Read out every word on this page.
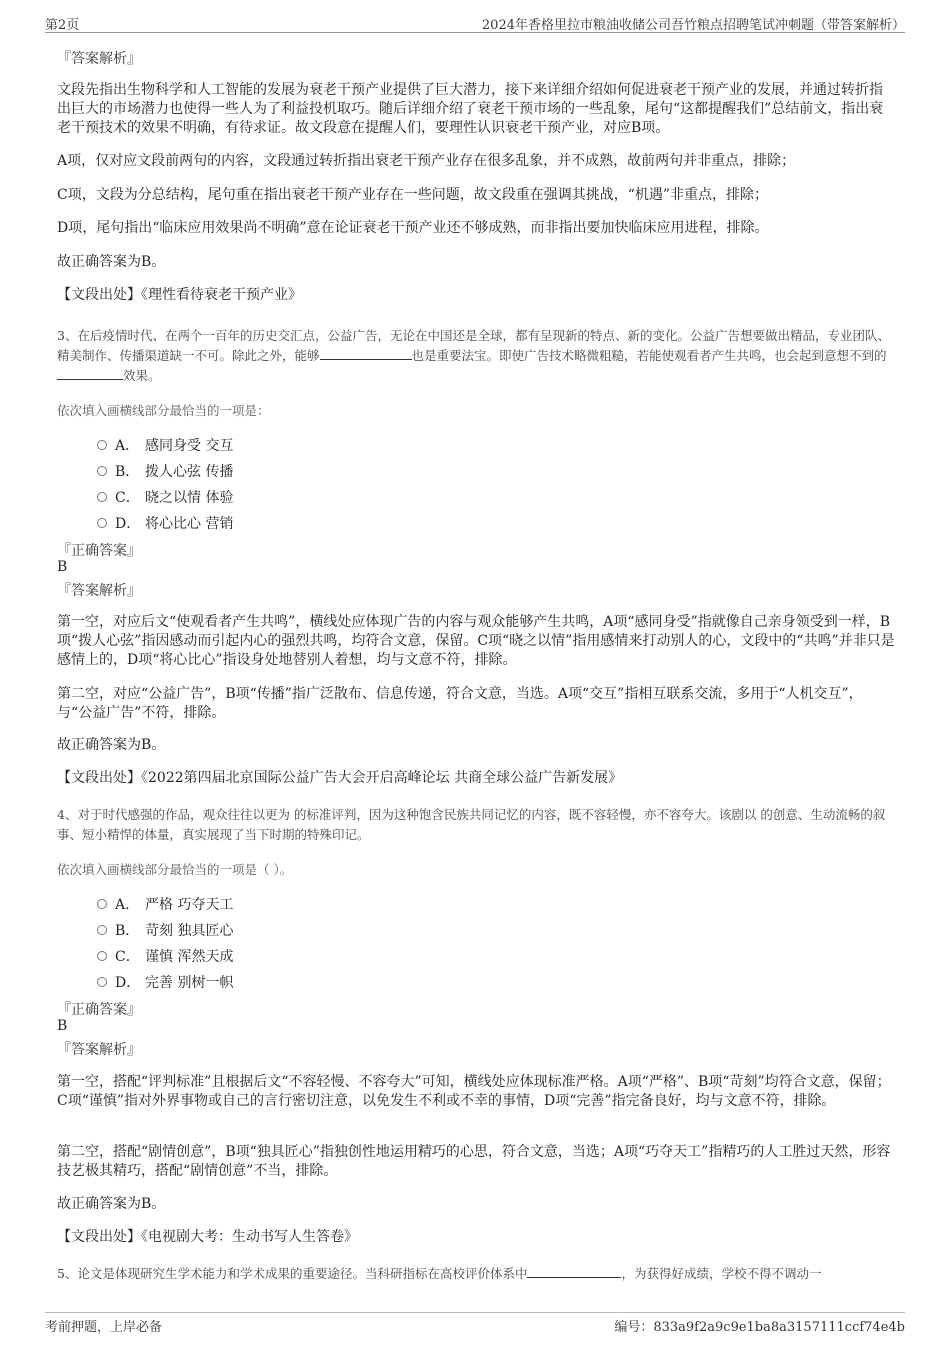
第2页	2024年香格里拉市粮油收储公司吾竹粮点招聘笔试冲刺题（带答案解析）
『答案解析』
文段先指出生物科学和人工智能的发展为衰老干预产业提供了巨大潜力，接下来详细介绍如何促进衰老干预产业的发展，并通过转折指出巨大的市场潜力也使得一些人为了利益投机取巧。随后详细介绍了衰老干预市场的一些乱象，尾句“这都提醒我们”总结前文，指出衰老干预技术的效果不明确，有待求证。故文段意在提醒人们，要理性认识衰老干预产业，对应B项。
A项，仅对应文段前两句的内容，文段通过转折指出衰老干预产业存在很多乱象，并不成熟，故前两句并非重点，排除；
C项，文段为分总结构，尾句重在指出衰老干预产业存在一些问题，故文段重在强调其挑战，“机遇”非重点，排除；
D项，尾句指出“临床应用效果尚不明确”意在论证衰老干预产业还不够成熟，而非指出要加快临床应用进程，排除。
故正确答案为B。
【文段出处】《理性看待衰老干预产业》
3、在后疫情时代、在两个一百年的历史交汇点，公益广告，无论在中国还是全球，都有呈现新的特点、新的变化。公益广告想要做出精品，专业团队、精美制作、传播渠道缺一不可。除此之外，能够	也是重要法宝。即使广告技术略微粗糙，若能使观看者产生共鸣，也会起到意想不到的效果。
依次填入画横线部分最恰当的一项是：
A． 感同身受 交互
B． 拨人心弦 传播
C． 晓之以情 体验
D． 将心比心 营销
『正确答案』
B
『答案解析』
第一空，对应后文“使观看者产生共鸣”，横线处应体现广告的内容与观众能够产生共鸣，A项“感同身受”指就像自己亲身领受到一样，B项“拨人心弦”指因感动而引起内心的强烈共鸣，均符合文意，保留。C项“晓之以情”指用感情来打动别人的心，文段中的“共鸣”并非只是感情上的，D项“将心比心”指设身处地替别人着想，均与文意不符，排除。
第二空，对应“公益广告”，B项“传播”指广泛散布、信息传递，符合文意，当选。A项“交互”指相互联系交流，多用于“人机交互”，与“公益广告”不符，排除。
故正确答案为B。
【文段出处】《2022第四届北京国际公益广告大会开启高峰论坛 共商全球公益广告新发展》
4、对于时代感强的作品，观众往往以更为 的标准评判，因为这种饱含民族共同记忆的内容，既不容轻慢，亦不容夸大。该剧以 的创意、生动流畅的叙事、短小精悍的体量，真实展现了当下时期的特殊印记。
依次填入画横线部分最恰当的一项是（ ）。
A． 严格 巧夺天工
B． 苛刻 独具匠心
C． 谨慎 浑然天成
D． 完善 别树一帜
『正确答案』
B
『答案解析』
第一空，搭配“评判标准”且根据后文“不容轻慢、不容夸大”可知，横线处应体现标准严格。A项“严格”、B项“苛刻”均符合文意，保留；C项“谨慎”指对外界事物或自己的言行密切注意，以免发生不利或不幸的事情，D项“完善”指完备良好，均与文意不符，排除。
第二空，搭配“剧情创意”，B项“独具匠心”指独创性地运用精巧的心思，符合文意，当选；A项“巧夺天工”指精巧的人工胜过天然，形容技艺极其精巧，搭配“剧情创意”不当，排除。
故正确答案为B。
【文段出处】《电视剧大考：生动书写人生答卷》
5、论文是体现研究生学术能力和学术成果的重要途径。当科研指标在高校评价体系中	，为获得好成绩，学校不得不调动一
考前押题，上岸必备	编号：833a9f2a9c9e1ba8a3157111ccf74e4b
